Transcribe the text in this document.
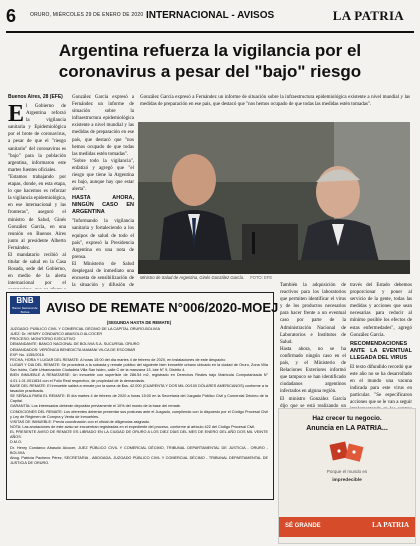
6	ORURO, MIÉRCOLES 29 DE ENERO DE 2020 INTERNACIONAL - AVISOS	LA PATRIA
Argentina refuerza la vigilancia por el
coronavirus a pesar del "bajo" riesgo
Buenos Aires, 28 (EFE)
E l Gobierno de Argentina reforzó la vigilancia sanitaria y Epidemiológica por el brote de coronavirus, a pesar de que el "riesgo sanitario" del coronavirus es "bajo" para la población argentina, informaron este martes fuentes oficiales.

"Estamos trabajando por etapas, donde, en esta etapa, lo que hacemos es reforzar la vigilancia epidemiológica, en ese internacional y las fronteras", aseguró el ministro de Salud, Ginés González García, en una reunión en Buenos Aires junto al presidente Alberto Fernández.

El mandatario recibió al titular de salud en la Casa Rosada, sede del Gobierno, en medio de la alerta internacional por el

González García expresó a Fernández un informe de situación sobre la infraestructura epidemiológica existente a nivel mundial y las medidas de preparación en ese país, que destacó que "nos hemos ocupado de que todas las medidas estén tomadas".

"Sobre todo la vigilancia", enfatizó y agregó que "el riesgo que tiene la Argentina es bajo, aunque hay que estar alerta".

HASTA AHORA, NINGÚN CASO EN ARGENTINA

"Informando la vigilancia sanitaria y fortaleciendo a los equipos de salud de todo el país", expresó la Presidencia Argentina en una nota de prensa.

El Ministerio de Salud desplegará de inmediato una encuesta de sensibilización de la situación y difusión de

González García expresó a Fernández un informe de situación sobre la infraestructura epidemiológica existente a nivel mundial y las medidas de preparación en ese país, que destacó que "nos hemos ocupado de que todas las medidas estén tomadas".

Ministro de Salud de Argentina, Ginés González García. FOTO: EFE

También la adquisición de reactivos para los laboratorios que permiten identificar el virus y de los productos necesarios para hacer frente a un eventual caso por parte de la Administración Nacional de Laboratorios e Institutos de Salud.

Hasta ahora, no se ha confirmado ningún caso en el país, y el Ministerio de Relaciones Exteriores informó que tampoco se han identificado ciudadanos argentinos infectados en alguna región.

El ministro González García dijo que se está realizando un

través del Estado debemos proporcionar y poner al servicio de la gente, todas las medidas y acciones que sean necesarias para reducir al mínimo posible los efectos de estas enfermedades", agregó González García.

RECOMENDACIONES ANTE LA EVENTUAL LLEGADA DEL VIRUS

El texto difundido recordó que este año no se ha desarrollado en el mundo una vacuna indicada para este virus en particular. "Se especificaron acciones que se le van a seguir

BNB
Banco Nacional de Bolivia	AVISO DE REMATE N°006/2020-MOEJ
(SEGUNDA HASTA DE REMATE)

JUZGADO: PÚBLICO CIVIL Y COMERCIAL DÉCIMO DE LA CAPITAL ORURO-BOLIVIA

JUEZ: Dr. HENRY CONDARCO ABASOLO ALCOCER

PROCESO: MONITORIO EJECUTIVO

DEMANDANTE: BANCO NACIONAL DE BOLIVIA S.A. SUCURSAL ORURO

DEMANDADOS: VERÓNICA BENEDICTA MAMANI VILCA DE ESCOBAR

EXP. No. 1155/2016

FECHA, HORA Y LUGAR DEL REMATE: A horas 15:00 del día martes 4 de febrero de 2020, en instalaciones de este despacho

LUGAR Y DIA DEL REMATE: Se procederá a la subasta y remate público del siguiente bien inmueble urbano ubicado en la ciudad de Oruro, Zona Villa San Isidro, Calle Urbanización Ciudadela Villa San Isidro, calle C de la manzana 13, lote N° 9, Distrito 4.

BIEN INMUEBLE A REMATARSE: Un inmueble con superficie de 286.54 m2, registrado en Derechos Reales bajo Matrícula Computarizada N° 4.01.1.01.0011834 con el Folio Real respectivo, de propiedad de la demandada.

BASE DEL REMATE: El inmueble saldrá a remate por la suma de $us. 42.000 (CUARENTA Y DOS MIL 00/100 DÓLARES AMERICANOS) conforme a la tasación practicada.

SE SEÑALA PARA EL REMATE: El día martes 4 de febrero de 2020 a horas 15:00 en la Secretaría del Juzgado Público Civil y Comercial Décimo de la Capital.

GARANTÍA: Los interesados deberán depositar previamente el 10% del monto de la base del remate.

CONDICIONES DEL REMATE: Los oferentes deberán presentar sus posturas ante el Juzgado, cumpliendo con lo dispuesto por el Código Procesal Civil y Ley de Régimen de Compra y Venta de Inmuebles.

VISITAS DE INMUEBLE: Previa coordinación con el oficial de diligencias asignado.

NOTA: Las anotaciones de este aviso se encuentran registradas en el expediente del proceso, conforme al artículo 422 del Código Procesal Civil.

EL PRESENTE AVISO DE REMATE ES LIBRADO EN LA CIUDAD DE ORURO A LOS DIEZ DÍAS DEL MES DE ENERO DEL AÑO DOS MIL VEINTE AÑOS.

D.M.O.

Dr. Henry Condarco Abasolo Alcocer, JUEZ PÚBLICO CIVIL Y COMERCIAL DÉCIMO, TRIBUNAL DEPARTAMENTAL DE JUSTICIA - ORURO - BOLIVIA

Abog. Patricia Pacheco Pérez, SECRETARIA - ABOGADA, JUZGADO PÚBLICO CIVIL Y COMERCIAL DÉCIMO - TRIBUNAL DEPARTAMENTAL DE JUSTICIA DE ORURO.

Haz crecer tu negocio.
Anuncia en LA PATRIA...
Porque el mundo es
impredecible
SÉ GRANDE	LA PATRIA
